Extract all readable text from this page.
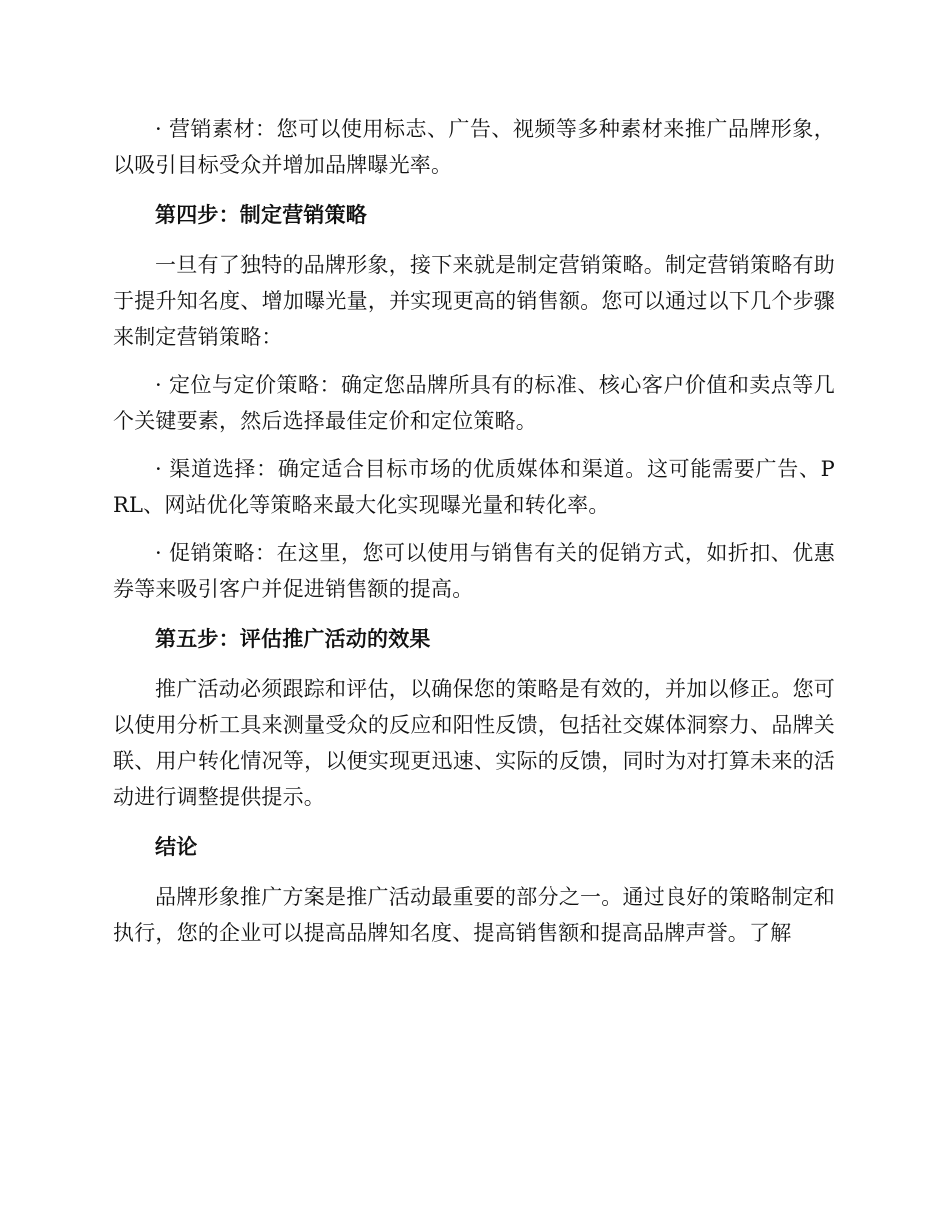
· 营销素材：您可以使用标志、广告、视频等多种素材来推广品牌形象，以吸引目标受众并增加品牌曝光率。

第四步：制定营销策略

一旦有了独特的品牌形象，接下来就是制定营销策略。制定营销策略有助于提升知名度、增加曝光量，并实现更高的销售额。您可以通过以下几个步骤来制定营销策略：

· 定位与定价策略：确定您品牌所具有的标准、核心客户价值和卖点等几个关键要素，然后选择最佳定价和定位策略。

· 渠道选择：确定适合目标市场的优质媒体和渠道。这可能需要广告、PRL、网站优化等策略来最大化实现曝光量和转化率。

· 促销策略：在这里，您可以使用与销售有关的促销方式，如折扣、优惠券等来吸引客户并促进销售额的提高。

第五步：评估推广活动的效果

推广活动必须跟踪和评估，以确保您的策略是有效的，并加以修正。您可以使用分析工具来测量受众的反应和阳性反馈，包括社交媒体洞察力、品牌关联、用户转化情况等，以便实现更迅速、实际的反馈，同时为对打算未来的活动进行调整提供提示。

结论

品牌形象推广方案是推广活动最重要的部分之一。通过良好的策略制定和执行，您的企业可以提高品牌知名度、提高销售额和提高品牌声誉。了解
